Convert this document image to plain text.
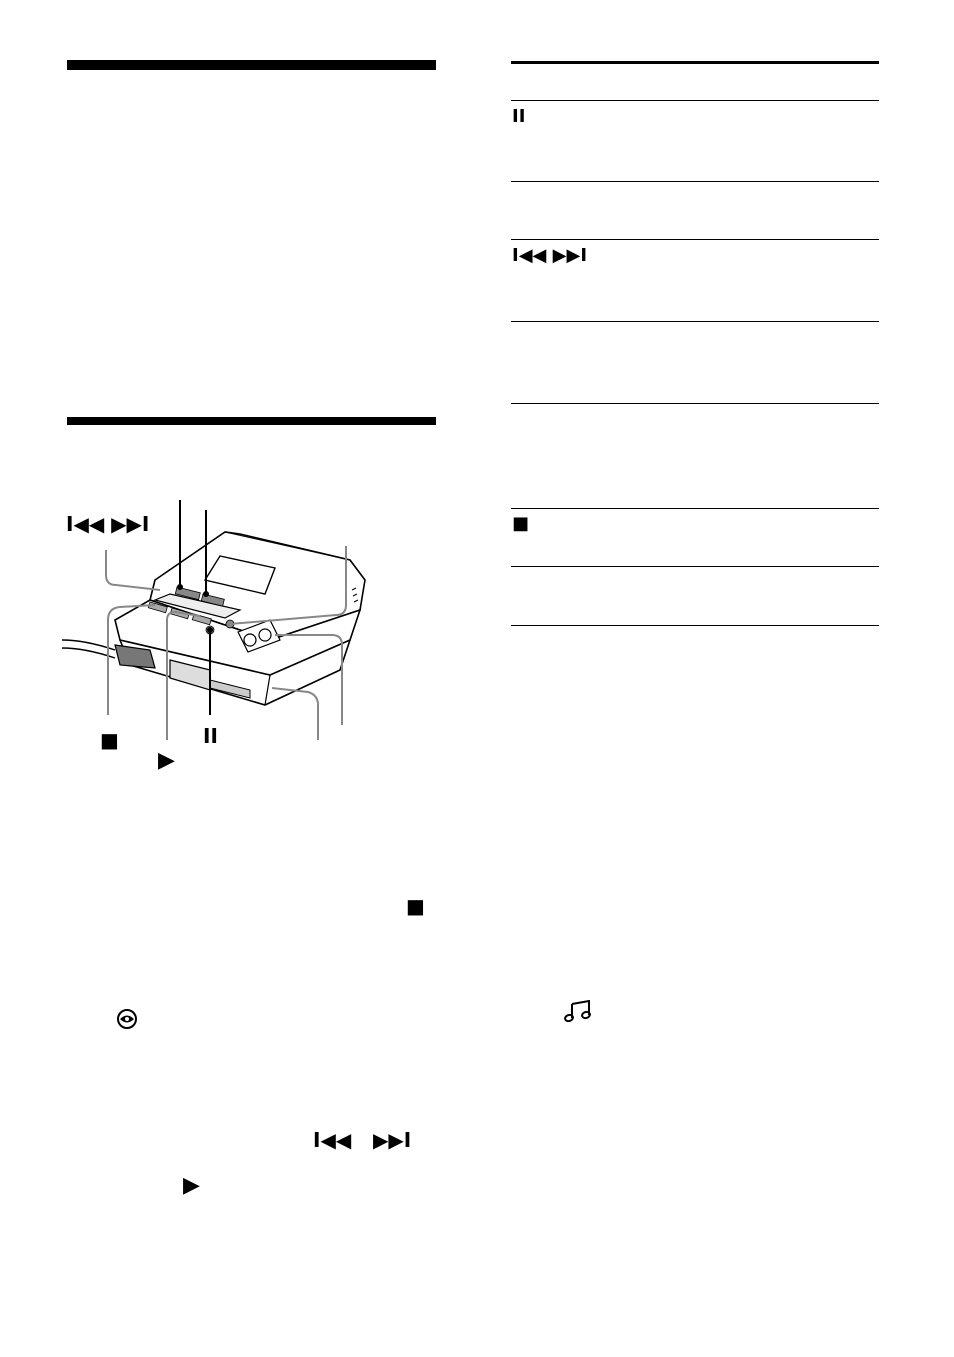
I◀◀ ▶▶I
■
▶
II
■
I◀◀ ▶▶I
▶
II
I◀◀ ▶▶I
■
